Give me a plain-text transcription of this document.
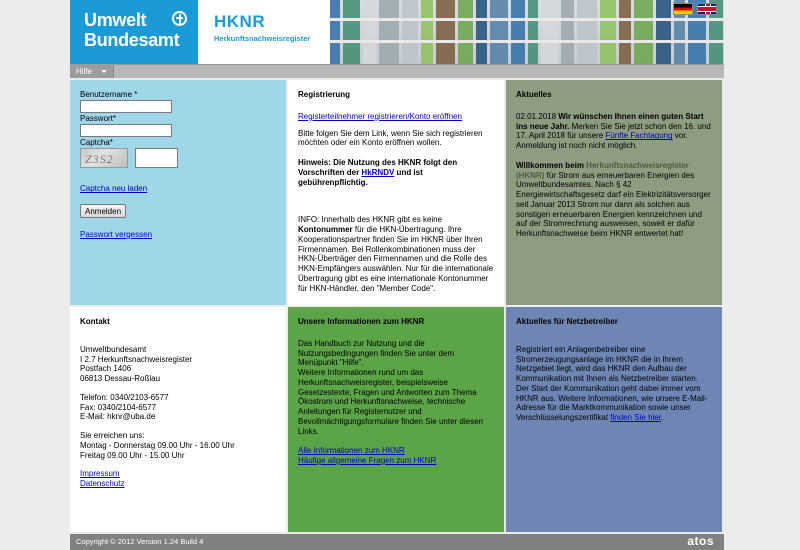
Umwelt
Bundesamt
HKNR
Herkunftsnachweisregister
Hilfe
Benutzername *
Passwort*
Captcha*
Z3S2
Captcha neu laden
Anmelden
Passwort vergessen
Registrierung

Registerteilnehmer registrieren/Konto eröffnen

Bitte folgen Sie dem Link, wenn Sie sich registrieren möchten oder ein Konto eröffnen wollen.

Hinweis: Die Nutzung des HKNR folgt den Vorschriften der HkRNDV und ist gebührenpflichtig.

INFO: Innerhalb des HKNR gibt es keine Kontonummer für die HKN-Übertragung. Ihre Kooperationspartner finden Sie im HKNR über Ihren Firmennamen. Bei Rollenkombinationen muss der HKN-Überträger den Firmennamen und die Rolle des HKN-Empfängers auswählen. Nur für die internationale Übertragung gibt es eine internationale Kontonummer für HKN-Händler, den "Member Code".

Aktuelles

02.01.2018 Wir wünschen Ihnen einen guten Start ins neue Jahr. Merken Sie Sie jetzt schon den 16. und 17. April 2018 für unsere Fünfte Fachtagung vor. Anmeldung ist noch nicht möglich.

Willkommen beim Herkunftsnachweisregister (HKNR) für Strom aus erneuerbaren Energien des Umweltbundesamtes. Nach § 42 Energiewirtschaftsgesetz darf ein Elektrizitätsversorger seit Januar 2013 Strom nur dann als solchen aus sonstigen erneuerbaren Energien kennzeichnen und auf der Stromrechnung ausweisen, soweit er dafür Herkunftsnachweise beim HKNR entwertet hat!

Kontakt
Umweltbundesamt
I 2.7 Herkunftsnachweisregister
Postfach 1406
06813 Dessau-Roßlau
Telefon: 0340/2103-6577
Fax: 0340/2104-6577
E-Mail: hknr@uba.de
Sie erreichen uns:
Montag - Donnerstag 09.00 Uhr - 16.00 Uhr
Freitag 09.00 Uhr - 15.00 Uhr
Impressum
Datenschutz
Unsere Informationen zum HKNR

Das Handbuch zur Nutzung und die Nutzungsbedingungen finden Sie unter dem Menüpunkt "Hilfe".

Weitere Informationen rund um das Herkunftsnachweisregister, beispielsweise Gesetzestexte, Fragen und Antworten zum Thema Ökostrom und Herkunftsnachweise, technische Anleitungen für Registernutzer und Bevollmächtigungsformulare finden Sie unter diesen Links.

Alle Informationen zum HKNR
Häufige allgemeine Fragen zum HKNR
Aktuelles für Netzbetreiber

Registriert ein Anlagenbetreiber eine Stromerzeugungsanlage im HKNR die in Ihrem Netzgebiet liegt, wird das HKNR den Aufbau der Kommunikation mit Ihnen als Netzbetreiber starten. Der Start der Kommunikation geht dabei immer vom HKNR aus. Weitere Informationen, wie unsere E-Mail-Adresse für die Marktkommunikation sowie unser Verschlüsselungszertifikat finden Sie hier.

Copyright © 2012 Version 1.24 Build 4	atos
